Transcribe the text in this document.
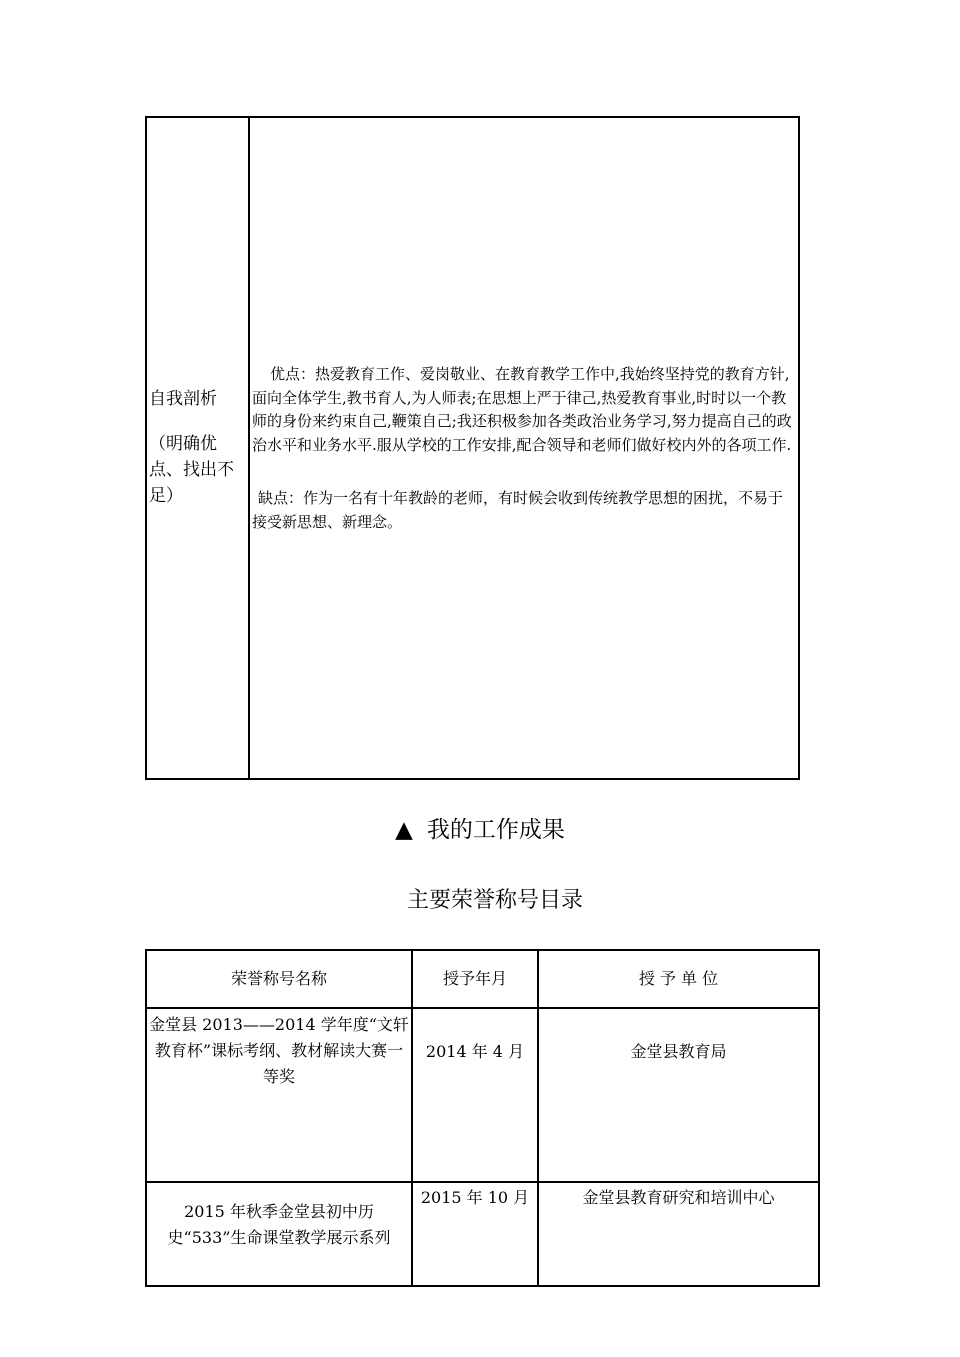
自我剖析
（明确优点、找出不足）
优点：热爱教育工作、爱岗敬业、在教育教学工作中,我始终坚持党的教育方针,面向全体学生,教书育人,为人师表;在思想上严于律己,热爱教育事业,时时以一个教师的身份来约束自己,鞭策自己;我还积极参加各类政治业务学习,努力提高自己的政治水平和业务水平.服从学校的工作安排,配合领导和老师们做好校内外的各项工作.
缺点：作为一名有十年教龄的老师，有时候会收到传统教学思想的困扰，不易于接受新思想、新理念。
▲ 我的工作成果
主要荣誉称号目录
荣誉称号名称	授予年月	授 予 单 位
金堂县 2013——2014 学年度“文轩教育杯”课标考纲、教材解读大赛一等奖	2014 年 4 月	金堂县教育局
2015 年秋季金堂县初中历史“533”生命课堂教学展示系列	2015 年 10 月	金堂县教育研究和培训中心
